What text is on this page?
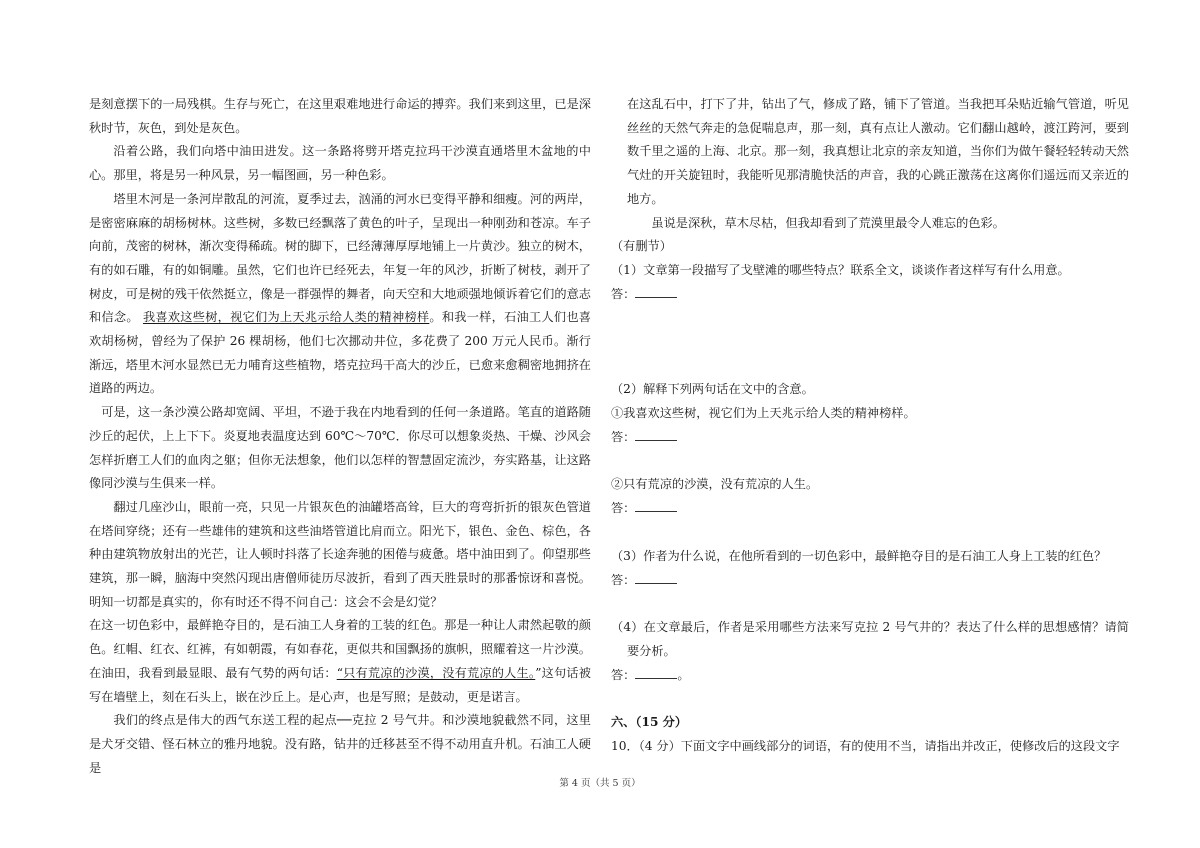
是刻意摆下的一局残棋。生存与死亡，在这里艰难地进行命运的搏弈。我们来到这里，已是深秋时节，灰色，到处是灰色。

沿着公路，我们向塔中油田进发。这一条路将劈开塔克拉玛干沙漠直通塔里木盆地的中心。那里，将是另一种风景，另一幅图画，另一种色彩。

塔里木河是一条河岸散乱的河流，夏季过去，汹涌的河水已变得平静和细瘦。河的两岸，是密密麻麻的胡杨树林。这些树，多数已经飘落了黄色的叶子，呈现出一种刚劲和苍凉。车子向前，茂密的树林，渐次变得稀疏。树的脚下，已经薄薄厚厚地铺上一片黄沙。独立的树木，有的如石雕，有的如铜雕。虽然，它们也许已经死去，年复一年的风沙，折断了树枝，剥开了树皮，可是树的残干依然挺立，像是一群强悍的舞者，向天空和大地顽强地倾诉着它们的意志和信念。 我喜欢这些树，视它们为上天兆示给人类的精神榜样。和我一样，石油工人们也喜欢胡杨树，曾经为了保护 26 棵胡杨，他们七次挪动井位，多花费了 200 万元人民币。渐行渐远，塔里木河水显然已无力哺育这些植物，塔克拉玛干高大的沙丘，已愈来愈稠密地拥挤在道路的两边。

可是，这一条沙漠公路却宽阔、平坦，不逊于我在内地看到的任何一条道路。笔直的道路随沙丘的起伏，上上下下。炎夏地表温度达到 60℃～70℃．你尽可以想象炎热、干燥、沙风会怎样折磨工人们的血肉之躯；但你无法想象，他们以怎样的智慧固定流沙，夯实路基，让这路像同沙漠与生俱来一样。

翻过几座沙山，眼前一亮，只见一片银灰色的油罐塔高耸，巨大的弯弯折折的银灰色管道在塔间穿绕；还有一些雄伟的建筑和这些油塔管道比肩而立。阳光下，银色、金色、棕色，各种由建筑物放射出的光芒，让人顿时抖落了长途奔驰的困倦与疲惫。塔中油田到了。仰望那些建筑，那一瞬，脑海中突然闪现出唐僧师徒历尽波折，看到了西天胜景时的那番惊讶和喜悦。明知一切都是真实的，你有时还不得不问自己：这会不会是幻觉？

在这一切色彩中，最鲜艳夺目的，是石油工人身着的工装的红色。那是一种让人肃然起敬的颜色。红帽、红衣、红裤，有如朝霞，有如春花，更似共和国飘扬的旗帜，照耀着这一片沙漠。在油田，我看到最显眼、最有气势的两句话：“只有荒凉的沙漠，没有荒凉的人生。”这句话被写在墙壁上，刻在石头上，嵌在沙丘上。是心声，也是写照；是鼓动，更是诺言。

我们的终点是伟大的西气东送工程的起点──克拉 2 号气井。和沙漠地貌截然不同，这里是犬牙交错、怪石林立的雅丹地貌。没有路，钻井的迁移甚至不得不动用直升机。石油工人硬是

在这乱石中，打下了井，钻出了气，修成了路，铺下了管道。当我把耳朵贴近输气管道，听见丝丝的天然气奔走的急促喘息声，那一刻，真有点让人激动。它们翻山越岭，渡江跨河，要到数千里之遥的上海、北京。那一刻，我真想让北京的亲友知道，当你们为做午餐轻轻转动天然气灶的开关旋钮时，我能听见那清脆快活的声音，我的心跳正激荡在这离你们遥远而又亲近的地方。

虽说是深秋，草木尽枯，但我却看到了荒漠里最令人难忘的色彩。

（有删节）

（1）文章第一段描写了戈壁滩的哪些特点？联系全文，谈谈作者这样写有什么用意。

答：

（2）解释下列两句话在文中的含意。

①我喜欢这些树，视它们为上天兆示给人类的精神榜样。

答：

②只有荒凉的沙漠，没有荒凉的人生。

答：

（3）作者为什么说，在他所看到的一切色彩中，最鲜艳夺目的是石油工人身上工装的红色？

答：

（4）在文章最后，作者是采用哪些方法来写克拉 2 号气井的？表达了什么样的思想感情？请简要分析。

答：	。

六、（15 分）

10．（4 分）下面文字中画线部分的词语，有的使用不当，请指出并改正，使修改后的这段文字

第 4 页（共 5 页）
